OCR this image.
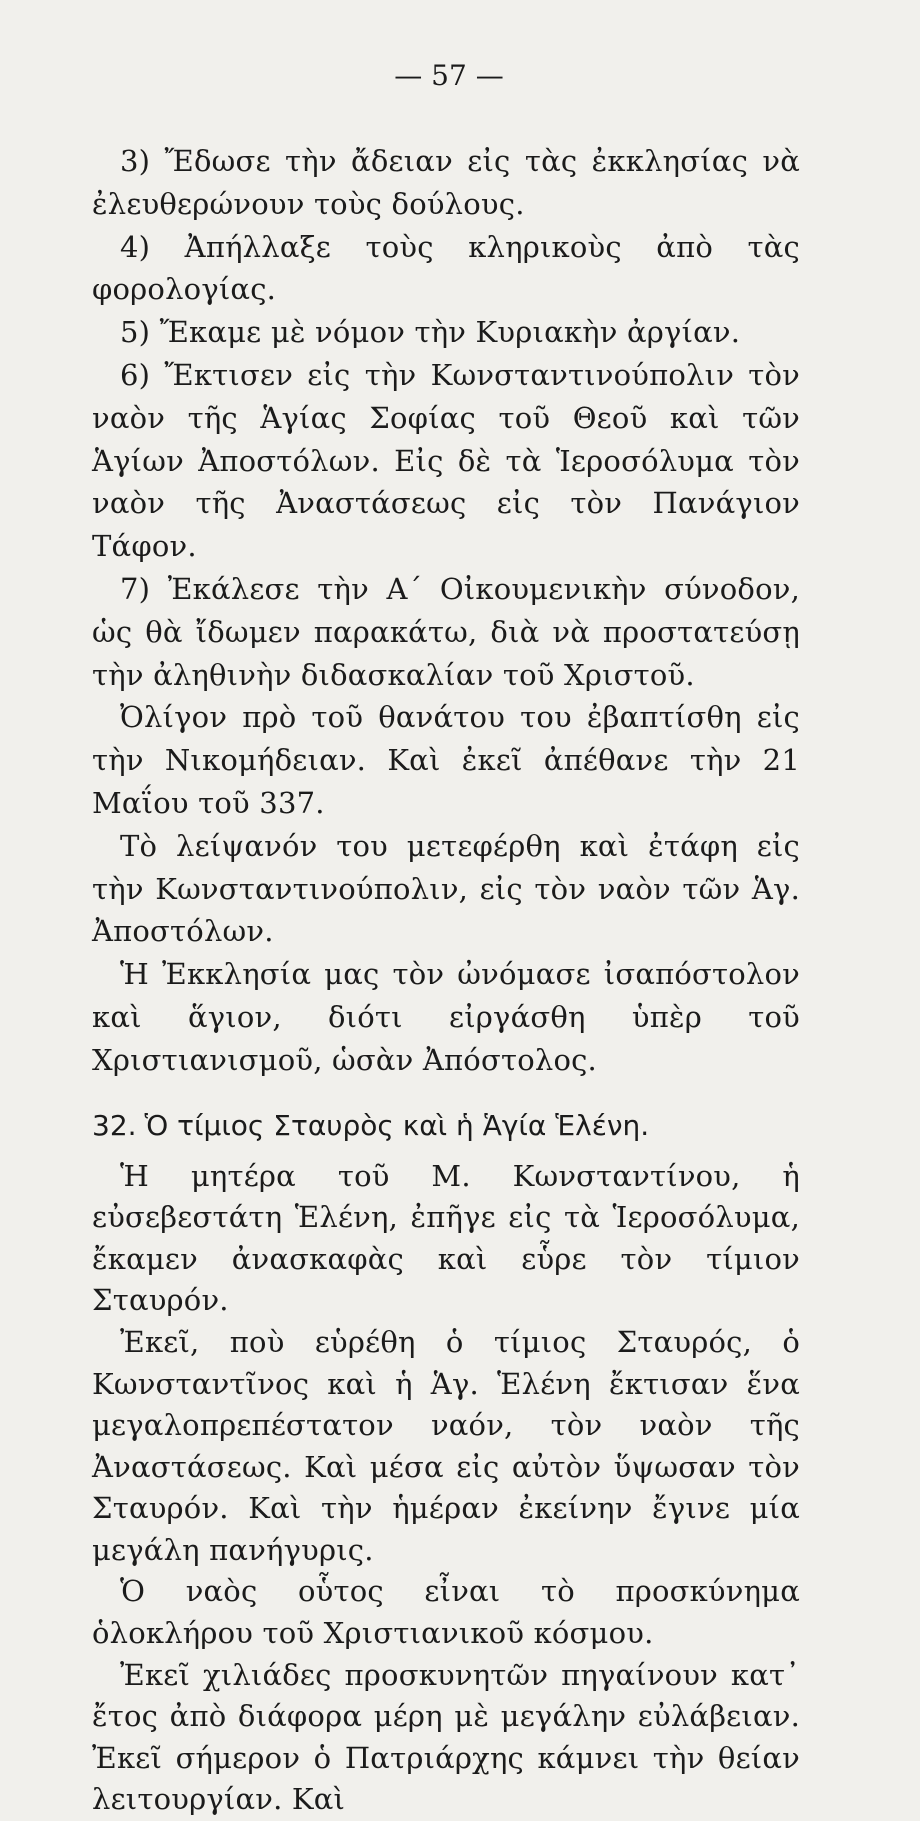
— 57 —

3) Ἔδωσε τὴν ἄδειαν εἰς τὰς ἐκκλησίας νὰ ἐλευθερώνουν τοὺς δούλους.

4) Ἀπήλλαξε τοὺς κληρικοὺς ἀπὸ τὰς φορολογίας.

5) Ἔκαμε μὲ νόμον τὴν Κυριακὴν ἀργίαν.

6) Ἔκτισεν εἰς τὴν Κωνσταντινούπολιν τὸν ναὸν τῆς Ἁγίας Σοφίας τοῦ Θεοῦ καὶ τῶν Ἁγίων Ἀποστόλων. Εἰς δὲ τὰ Ἱεροσόλυμα τὸν ναὸν τῆς Ἀναστάσεως εἰς τὸν Πανάγιον Τάφον.

7) Ἐκάλεσε τὴν Α΄ Οἰκουμενικὴν σύνοδον, ὡς θὰ ἴδωμεν παρακάτω, διὰ νὰ προστατεύσῃ τὴν ἀληθινὴν διδασκαλίαν τοῦ Χριστοῦ.

Ὀλίγον πρὸ τοῦ θανάτου του ἐβαπτίσθη εἰς τὴν Νικομήδειαν. Καὶ ἐκεῖ ἀπέθανε τὴν 21 Μαΐου τοῦ 337.

Τὸ λείψανόν του μετεφέρθη καὶ ἐτάφη εἰς τὴν Κωνσταντινούπολιν, εἰς τὸν ναὸν τῶν Ἁγ. Ἀποστόλων.

Ἡ Ἐκκλησία μας τὸν ὠνόμασε ἰσαπόστολον καὶ ἅγιον, διότι εἰργάσθη ὑπὲρ τοῦ Χριστιανισμοῦ, ὡσὰν Ἀπόστολος.

32. Ὁ τίμιος Σταυρὸς καὶ ἡ Ἁγία Ἑλένη.

Ἡ μητέρα τοῦ Μ. Κωνσταντίνου, ἡ εὐσεβεστάτη Ἑλένη, ἐπῆγε εἰς τὰ Ἱεροσόλυμα, ἔκαμεν ἀνασκαφὰς καὶ εὗρε τὸν τίμιον Σταυρόν.

Ἐκεῖ, ποὺ εὑρέθη ὁ τίμιος Σταυρός, ὁ Κωνσταντῖνος καὶ ἡ Ἁγ. Ἑλένη ἔκτισαν ἕνα μεγαλοπρεπέστατον ναόν, τὸν ναὸν τῆς Ἀναστάσεως. Καὶ μέσα εἰς αὐτὸν ὕψωσαν τὸν Σταυρόν. Καὶ τὴν ἡμέραν ἐκείνην ἔγινε μία μεγάλη πανήγυρις.

Ὁ ναὸς οὗτος εἶναι τὸ προσκύνημα ὁλοκλήρου τοῦ Χριστιανικοῦ κόσμου.

Ἐκεῖ χιλιάδες προσκυνητῶν πηγαίνουν κατ᾿ ἔτος ἀπὸ διάφορα μέρη μὲ μεγάλην εὐλάβειαν. Ἐκεῖ σήμερον ὁ Πατριάρχης κάμνει τὴν θείαν λειτουργίαν. Καὶ
